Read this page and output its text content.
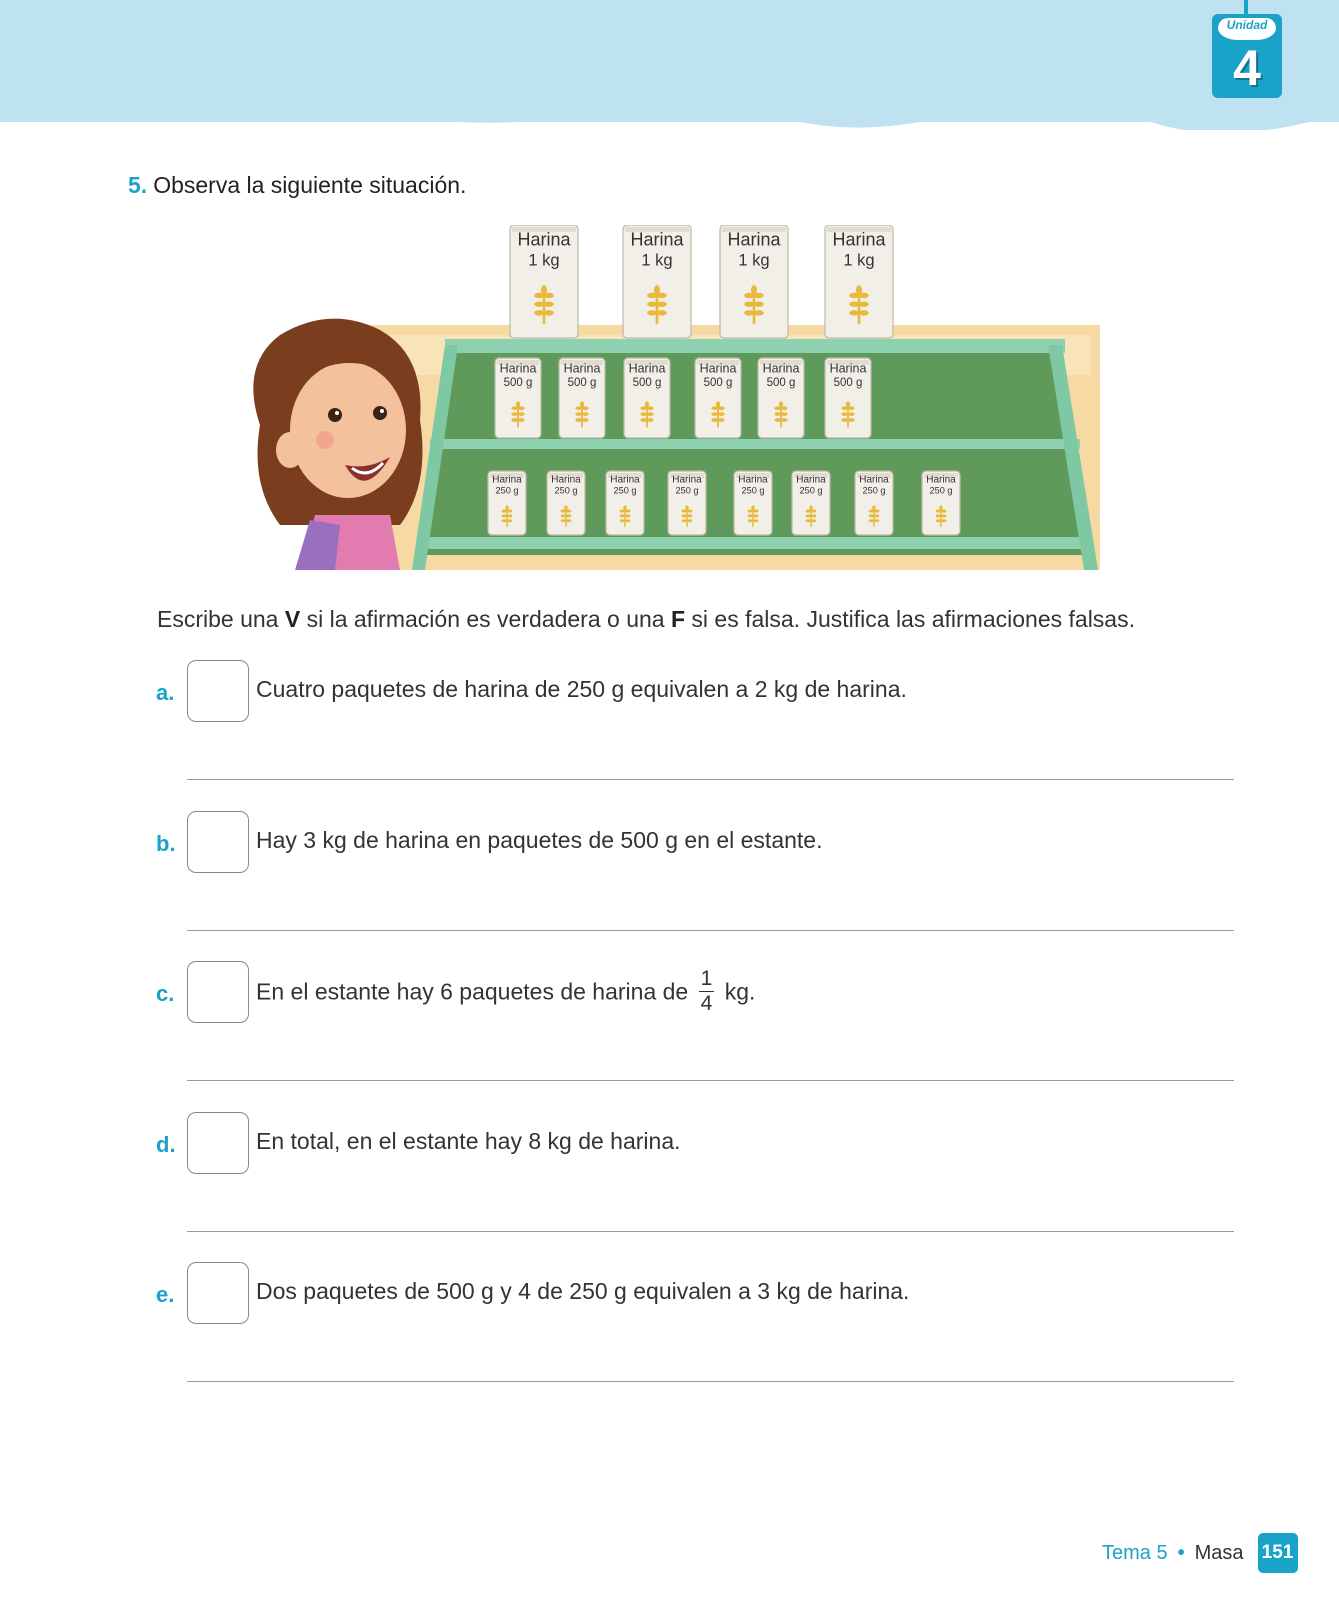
Unidad
4
5. Observa la siguiente situación.
Harina
1 kg
Harina
1 kg
Harina
1 kg
Harina
1 kg
Harina
500 g
Harina
500 g
Harina
500 g
Harina
500 g
Harina
500 g
Harina
500 g
Harina
250 g
Harina
250 g
Harina
250 g
Harina
250 g
Harina
250 g
Harina
250 g
Harina
250 g
Harina
250 g
Escribe una V si la afirmación es verdadera o una F si es falsa. Justifica las afirmaciones falsas.
a.	Cuatro paquetes de harina de 250 g equivalen a 2 kg de harina.
b.	Hay 3 kg de harina en paquetes de 500 g en el estante.
c.	En el estante hay 6 paquetes de harina de $\frac{1}{4}$ kg.
d.	En total, en el estante hay 8 kg de harina.
e.	Dos paquetes de 500 g y 4 de 250 g equivalen a 3 kg de harina.
Tema 5 • Masa 151
